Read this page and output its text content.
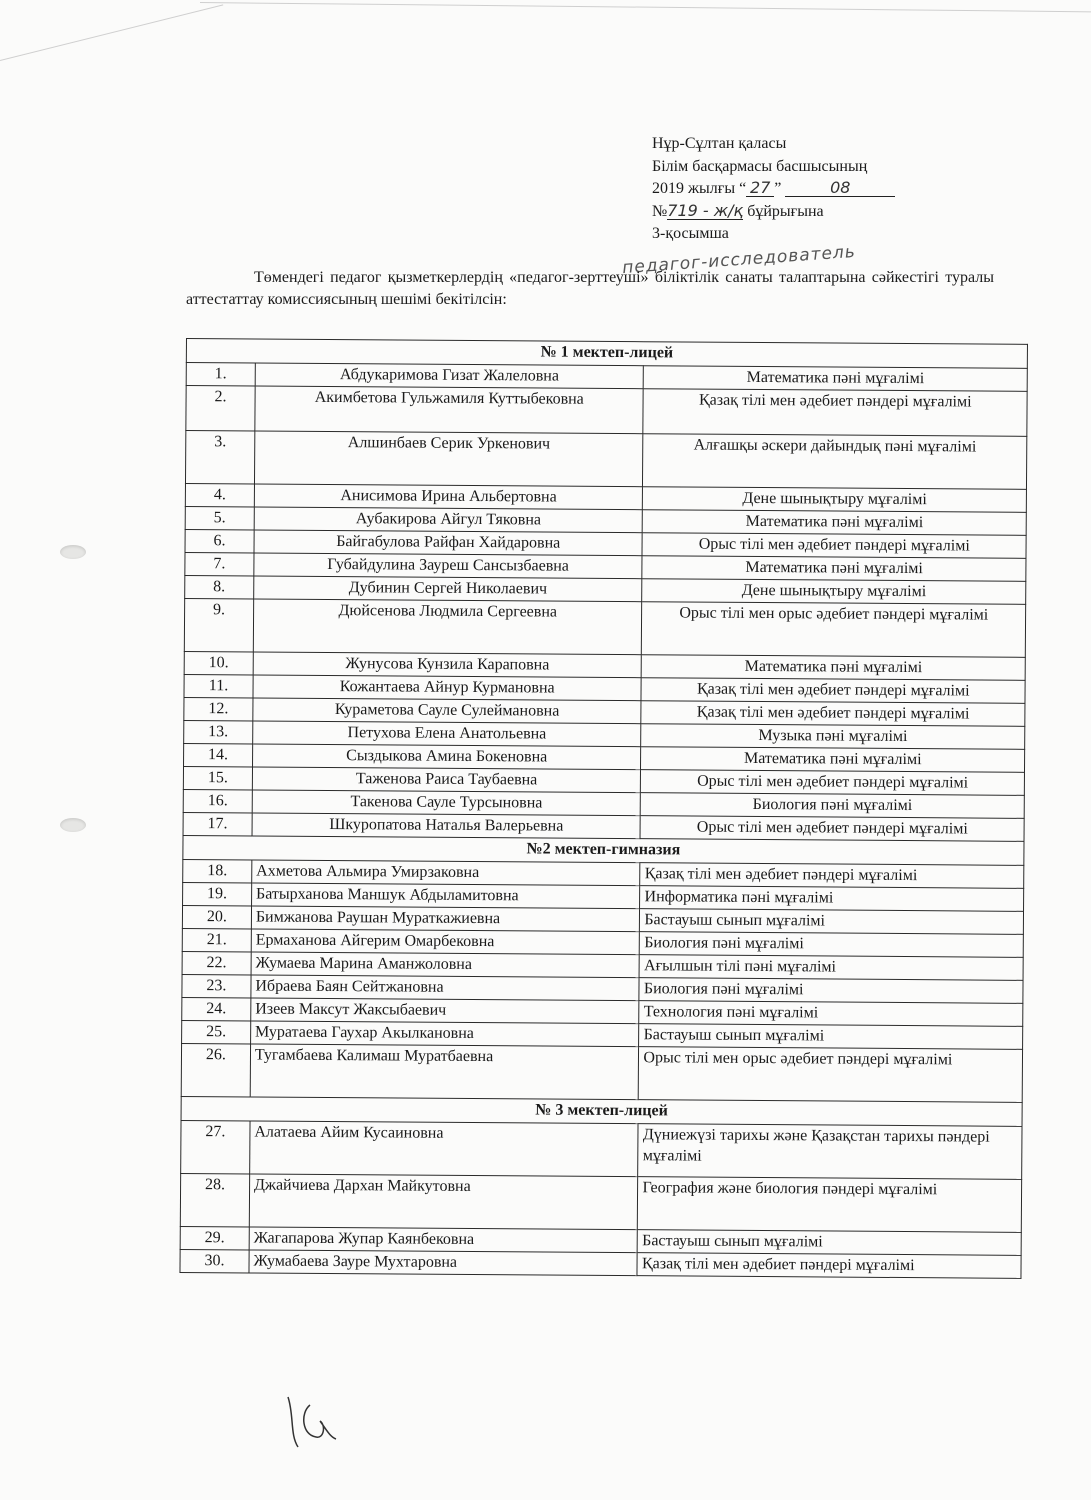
Нұр-Сұлтан қаласы
Білім басқармасы басшысының
2019 жылғы “ 27 ”	08
№719 - ж/қ бұйрығына
3-қосымша
педагог-исследователь

Төмендегі педагог қызметкерлердің «педагог-зерттеуші» біліктілік санаты талаптарына сәйкестігі туралы аттестаттау комиссиясының шешімі бекітілсін:

№ 1 мектеп-лицей		
1.	Абдукаримова Гизат Жалеловна	Математика пәні мұғалімі
2.	Акимбетова Гульжамиля Куттыбековна	Қазақ тілі мен әдебиет пәндері мұғалімі
3.	Алшинбаев Серик Уркенович	Алғашқы әскери дайындық пәні мұғалімі
4.	Анисимова Ирина Альбертовна	Дене шынықтыру мұғалімі
5.	Аубакирова Айгул Тяковна	Математика пәні мұғалімі
6.	Байгабулова Райфан Хайдаровна	Орыс тілі мен әдебиет пәндері мұғалімі
7.	Губайдулина Зауреш Сансызбаевна	Математика пәні мұғалімі
8.	Дубинин Сергей Николаевич	Дене шынықтыру мұғалімі
9.	Дюйсенова Людмила Сергеевна	Орыс тілі мен орыс әдебиет пәндері мұғалімі
10.	Жунусова Кунзила Караповна	Математика пәні мұғалімі
11.	Кожантаева Айнур Курмановна	Қазақ тілі мен әдебиет пәндері мұғалімі
12.	Кураметова Сауле Сулеймановна	Қазақ тілі мен әдебиет пәндері мұғалімі
13.	Петухова Елена Анатольевна	Музыка пәні мұғалімі
14.	Сыздыкова Амина Бокеновна	Математика пәні мұғалімі
15.	Таженова Раиса Таубаевна	Орыс тілі мен әдебиет пәндері мұғалімі
16.	Такенова Сауле Турсыновна	Биология пәні мұғалімі
17.	Шкуропатова Наталья Валерьевна	Орыс тілі мен әдебиет пәндері мұғалімі
№2 мектеп-гимназия		
18.	Ахметова Альмира Умирзаковна	Қазақ тілі мен әдебиет пәндері мұғалімі
19.	Батырханова Маншук Абдыламитовна	Информатика пәні мұғалімі
20.	Бимжанова Раушан Мураткажиевна	Бастауыш сынып мұғалімі
21.	Ермаханова Айгерим Омарбековна	Биология пәні мұғалімі
22.	Жумаева Марина Аманжоловна	Ағылшын тілі пәні мұғалімі
23.	Ибраева Баян Сейтжановна	Биология пәні мұғалімі
24.	Изеев Максут Жаксыбаевич	Технология пәні мұғалімі
25.	Муратаева Гаухар Акылкановна	Бастауыш сынып мұғалімі
26.	Тугамбаева Калимаш Муратбаевна	Орыс тілі мен орыс әдебиет пәндері мұғалімі
№ 3 мектеп-лицей		
27.	Алатаева Айим Кусаиновна	Дүниежүзі тарихы және Қазақстан тарихы пәндері мұғалімі
28.	Джайчиева Дархан Майкутовна	География және биология пәндері мұғалімі
29.	Жагапарова Жупар Каянбековна	Бастауыш сынып мұғалімі
30.	Жумабаева Зауре Мухтаровна	Қазақ тілі мен әдебиет пәндері мұғалімі
